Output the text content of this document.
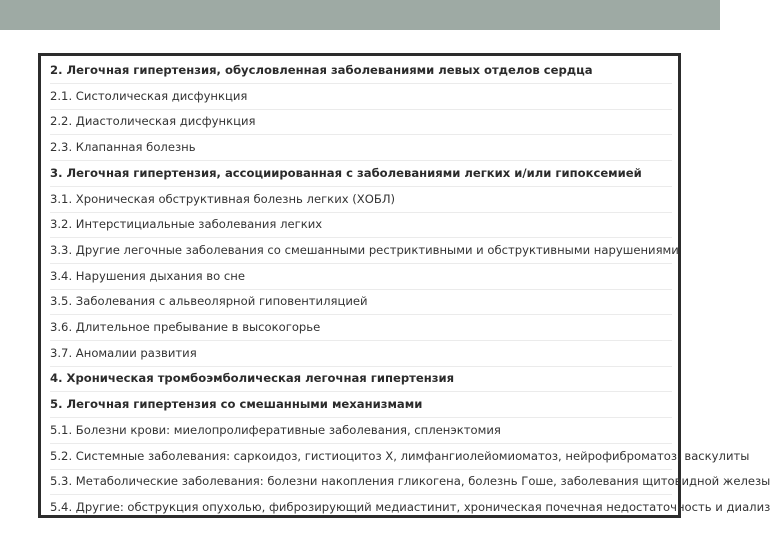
2. Легочная гипертензия, обусловленная заболеваниями левых отделов сердца
2.1. Систолическая дисфункция
2.2. Диастолическая дисфункция
2.3. Клапанная болезнь
3. Легочная гипертензия, ассоциированная с заболеваниями легких и/или гипоксемией
3.1. Хроническая обструктивная болезнь легких (ХОБЛ)
3.2. Интерстициальные заболевания легких
3.3. Другие легочные заболевания со смешанными рестриктивными и обструктивными нарушениями
3.4. Нарушения дыхания во сне
3.5. Заболевания с альвеолярной гиповентиляцией
3.6. Длительное пребывание в высокогорье
3.7. Аномалии развития
4. Хроническая тромбоэмболическая легочная гипертензия
5. Легочная гипертензия со смешанными механизмами
5.1. Болезни крови: миелопролиферативные заболевания, спленэктомия
5.2. Системные заболевания: саркоидоз, гистиоцитоз X, лимфангиолейомиоматоз, нейрофиброматоз, васкулиты
5.3. Метаболические заболевания: болезни накопления гликогена, болезнь Гоше, заболевания щитовидной железы
5.4. Другие: обструкция опухолью, фиброзирующий медиастинит, хроническая почечная недостаточность и диализ
